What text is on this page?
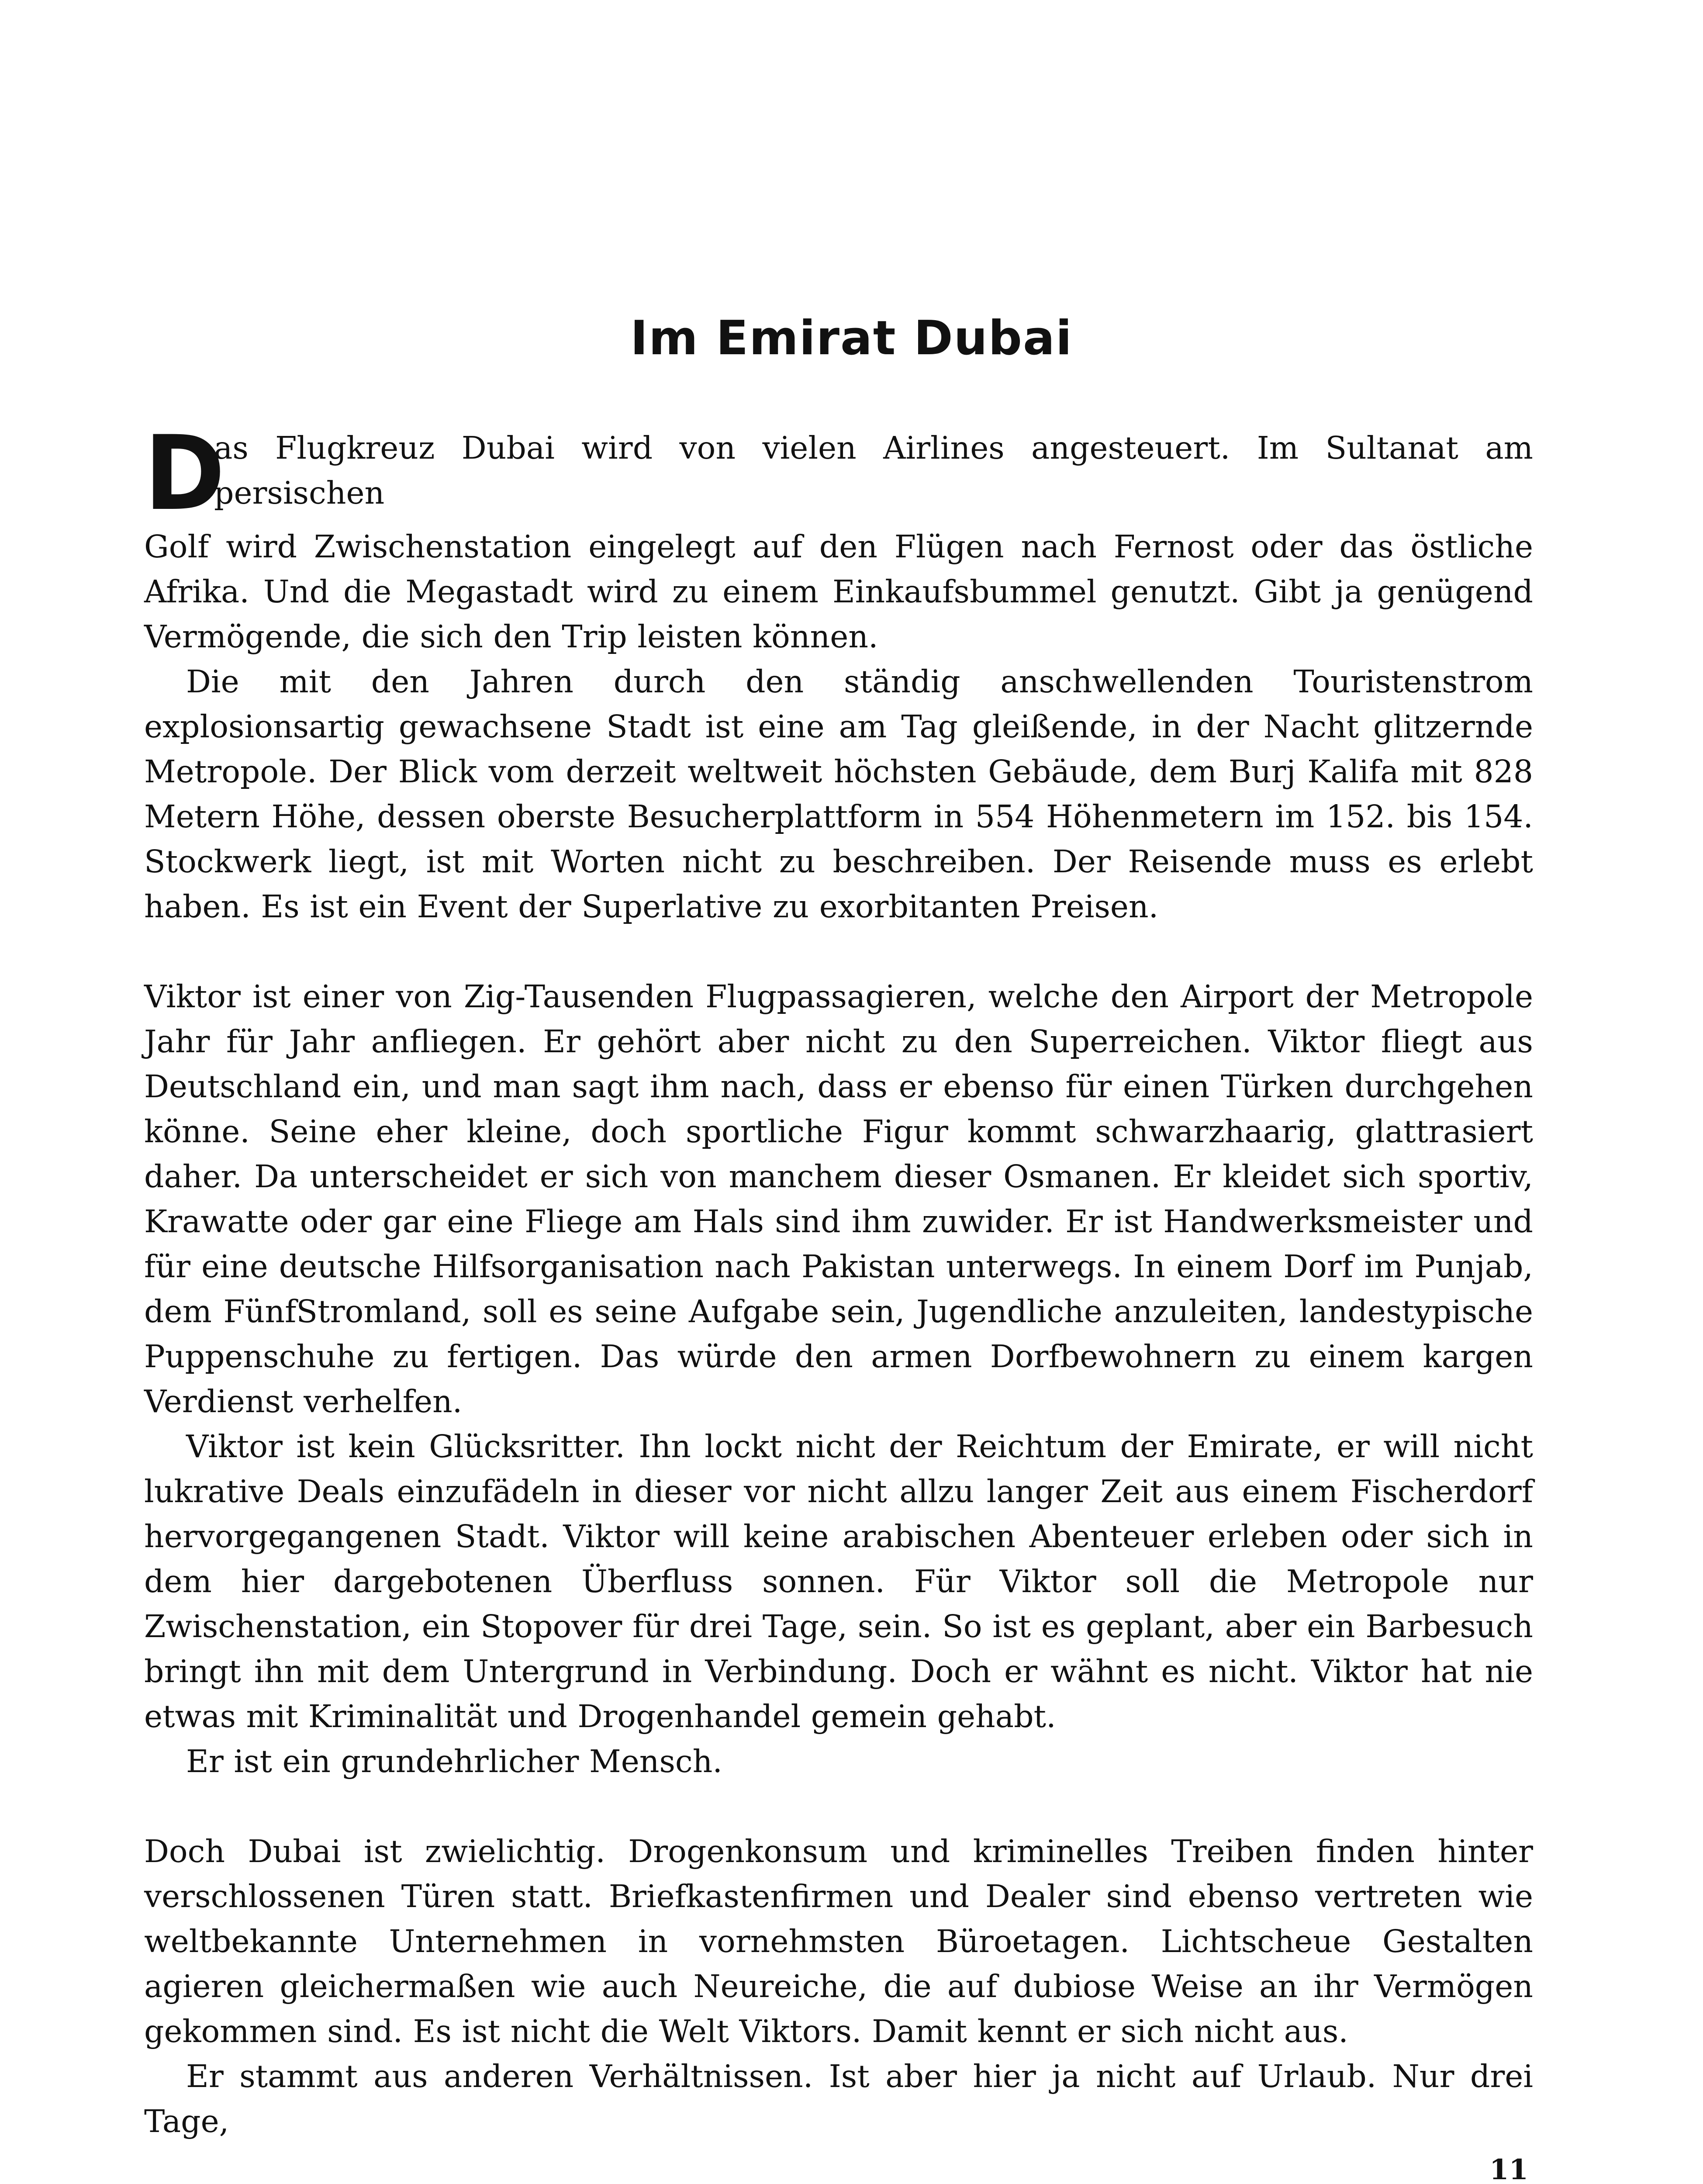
Im Emirat Dubai
D
as Flugkreuz Dubai wird von vielen Airlines angesteuert. Im Sultanat am persischen

Golf wird Zwischenstation eingelegt auf den Flügen nach Fernost oder das östliche Afrika. Und die Megastadt wird zu einem Einkaufsbummel genutzt. Gibt ja genügend Vermögende, die sich den Trip leisten können.

Die mit den Jahren durch den ständig anschwellenden Touristenstrom explosionsartig gewachsene Stadt ist eine am Tag gleißende, in der Nacht glitzernde Metropole. Der Blick vom derzeit weltweit höchsten Gebäude, dem Burj Kalifa mit 828 Metern Höhe, dessen oberste Besucherplattform in 554 Höhenmetern im 152. bis 154. Stockwerk liegt, ist mit Worten nicht zu beschreiben. Der Reisende muss es erlebt haben. Es ist ein Event der Superlative zu exorbitanten Preisen.

Viktor ist einer von Zig-Tausenden Flugpassagieren, welche den Airport der Metropole Jahr für Jahr anfliegen. Er gehört aber nicht zu den Superreichen. Viktor fliegt aus Deutschland ein, und man sagt ihm nach, dass er ebenso für einen Türken durchgehen könne. Seine eher kleine, doch sportliche Figur kommt schwarzhaarig, glattrasiert daher. Da unterscheidet er sich von manchem dieser Osmanen. Er kleidet sich sportiv, Krawatte oder gar eine Fliege am Hals sind ihm zuwider. Er ist Handwerksmeister und für eine deutsche Hilfsorganisation nach Pakistan unterwegs. In einem Dorf im Punjab, dem FünfStromland, soll es seine Aufgabe sein, Jugendliche anzuleiten, landestypische Puppenschuhe zu fertigen. Das würde den armen Dorfbewohnern zu einem kargen Verdienst verhelfen.

Viktor ist kein Glücksritter. Ihn lockt nicht der Reichtum der Emirate, er will nicht lukrative Deals einzufädeln in dieser vor nicht allzu langer Zeit aus einem Fischerdorf hervorgegangenen Stadt. Viktor will keine arabischen Abenteuer erleben oder sich in dem hier dargebotenen Überfluss sonnen. Für Viktor soll die Metropole nur Zwischenstation, ein Stopover für drei Tage, sein. So ist es geplant, aber ein Barbesuch bringt ihn mit dem Untergrund in Verbindung. Doch er wähnt es nicht. Viktor hat nie etwas mit Kriminalität und Drogenhandel gemein gehabt.

Er ist ein grundehrlicher Mensch.

Doch Dubai ist zwielichtig. Drogenkonsum und kriminelles Treiben finden hinter verschlossenen Türen statt. Briefkastenfirmen und Dealer sind ebenso vertreten wie weltbekannte Unternehmen in vornehmsten Büroetagen. Lichtscheue Gestalten agieren gleichermaßen wie auch Neureiche, die auf dubiose Weise an ihr Vermögen gekommen sind. Es ist nicht die Welt Viktors. Damit kennt er sich nicht aus.

Er stammt aus anderen Verhältnissen. Ist aber hier ja nicht auf Urlaub. Nur drei Tage,

11
